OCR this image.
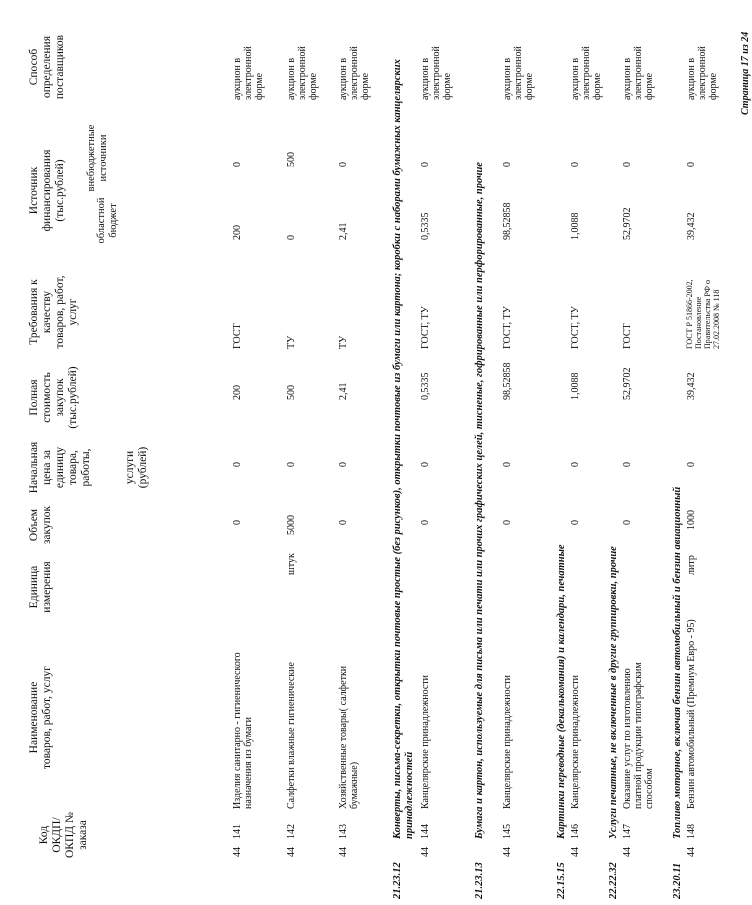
Код ОКДП/ ОКПД № заказа
Наименование товаров, работ, услуг
Единица измерения
Объем закупок
Начальная цена за единицу товара, работы,	услуги (рублей)
Полная стоимость закупок (тыс.рублей)
Требования к качеству товаров, работ, услуг
Источник финансирования (тыс.рублей)	областной бюджет
внебюджетные источники
Способ определения поставщиков
44
141
Изделия санитарно - гигиенического назначения из бумаги
0
0
200
ГОСТ
200
0
аукцион в электронной форме
44
142
Салфетки влажные гигиенические
штук
5000
0
500
ТУ
0
500
аукцион в электронной форме
44
143
Хозяйственные товары( салфетки бумажные)
0
0
2,41
ТУ
2,41
0
аукцион в электронной форме
21.23.12
Конверты, письма-секретки, открытки почтовые простые (без рисунков), открытки почтовые из бумаги или картона; коробки с наборами бумажных канцелярских принадлежностей
44
144
Канцелярские принадлежности
0
0
0,5335
ГОСТ, ТУ
0,5335
0
аукцион в электронной форме
21.23.13
Бумага и картон, используемые для письма или печати или прочих графических целей, тисненые, гофрированные или перфорированные, прочие
44
145
Канцелярские принадлежности
0
0
98,52858
ГОСТ, ТУ
98,52858
0
аукцион в электронной форме
22.15.15
Картинки переводные (декалькомания) и календари, печатные
44
146
Канцелярские принадлежности
0
0
1,0088
ГОСТ, ТУ
1,0088
0
аукцион в электронной форме
22.22.32
Услуги печатные, не включенные в другие группировки, прочие
44
147
Оказание услуг по изготовлению платной продукции типографским способом
0
0
52,9702
ГОСТ
52,9702
0
аукцион в электронной форме
23.20.11
Топливо моторное, включая бензин автомобильный и бензин авиационный
44
148
Бензин автомобильный (Премиум Евро - 95)
литр
1000
0
39,432
ГОСТ Р 51866-2002, Постановление Правительства РФ о 27.02.2008 № 118
39,432
0
аукцион в электронной форме Страница 17 из 24
